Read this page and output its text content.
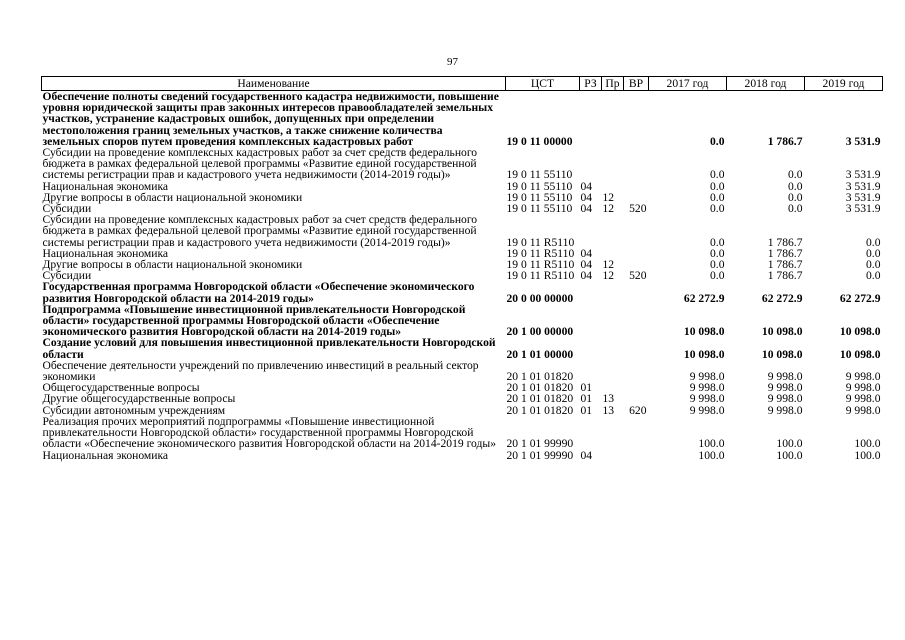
97
Наименование	ЦСТ	РЗ	Пр	ВР	2017 год	2018 год	2019 год
Обеспечение полноты сведений государственного кадастра недвижимости, повышение уровня юридической защиты прав законных интересов правообладателей земельных участков, устранение кадастровых ошибок, допущенных при определении местоположения границ земельных участков, а также снижение количества земельных споров путем проведения комплексных кадастровых работ	19 0 11 00000				0.0	1 786.7	3 531.9
Субсидии на проведение комплексных кадастровых работ за счет средств федерального бюджета в рамках федеральной целевой программы «Развитие единой государственной системы регистрации прав и кадастрового учета недвижимости (2014-2019 годы)»	19 0 11 55110				0.0	0.0	3 531.9
Национальная экономика	19 0 11 55110	04			0.0	0.0	3 531.9
Другие вопросы в области национальной экономики	19 0 11 55110	04	12		0.0	0.0	3 531.9
Субсидии	19 0 11 55110	04	12	520	0.0	0.0	3 531.9
Субсидии на проведение комплексных кадастровых работ за счет средств федерального бюджета в рамках федеральной целевой программы «Развитие единой государственной системы регистрации прав и кадастрового учета недвижимости (2014-2019 годы)»	19 0 11 R5110				0.0	1 786.7	0.0
Национальная экономика	19 0 11 R5110	04			0.0	1 786.7	0.0
Другие вопросы в области национальной экономики	19 0 11 R5110	04	12		0.0	1 786.7	0.0
Субсидии	19 0 11 R5110	04	12	520	0.0	1 786.7	0.0
Государственная программа Новгородской области «Обеспечение экономического развития Новгородской области на 2014-2019 годы»	20 0 00 00000				62 272.9	62 272.9	62 272.9
Подпрограмма «Повышение инвестиционной привлекательности Новгородской области» государственной программы Новгородской области «Обеспечение экономического развития Новгородской области на 2014-2019 годы»	20 1 00 00000				10 098.0	10 098.0	10 098.0
Создание условий для повышения инвестиционной привлекательности Новгородской области	20 1 01 00000				10 098.0	10 098.0	10 098.0
Обеспечение деятельности учреждений по привлечению инвестиций в реальный сектор экономики	20 1 01 01820				9 998.0	9 998.0	9 998.0
Общегосударственные вопросы	20 1 01 01820	01			9 998.0	9 998.0	9 998.0
Другие общегосударственные вопросы	20 1 01 01820	01	13		9 998.0	9 998.0	9 998.0
Субсидии автономным учреждениям	20 1 01 01820	01	13	620	9 998.0	9 998.0	9 998.0
Реализация прочих мероприятий подпрограммы «Повышение инвестиционной привлекательности Новгородской области» государственной программы Новгородской области «Обеспечение экономического развития Новгородской области на 2014-2019 годы»	20 1 01 99990				100.0	100.0	100.0
Национальная экономика	20 1 01 99990	04			100.0	100.0	100.0
